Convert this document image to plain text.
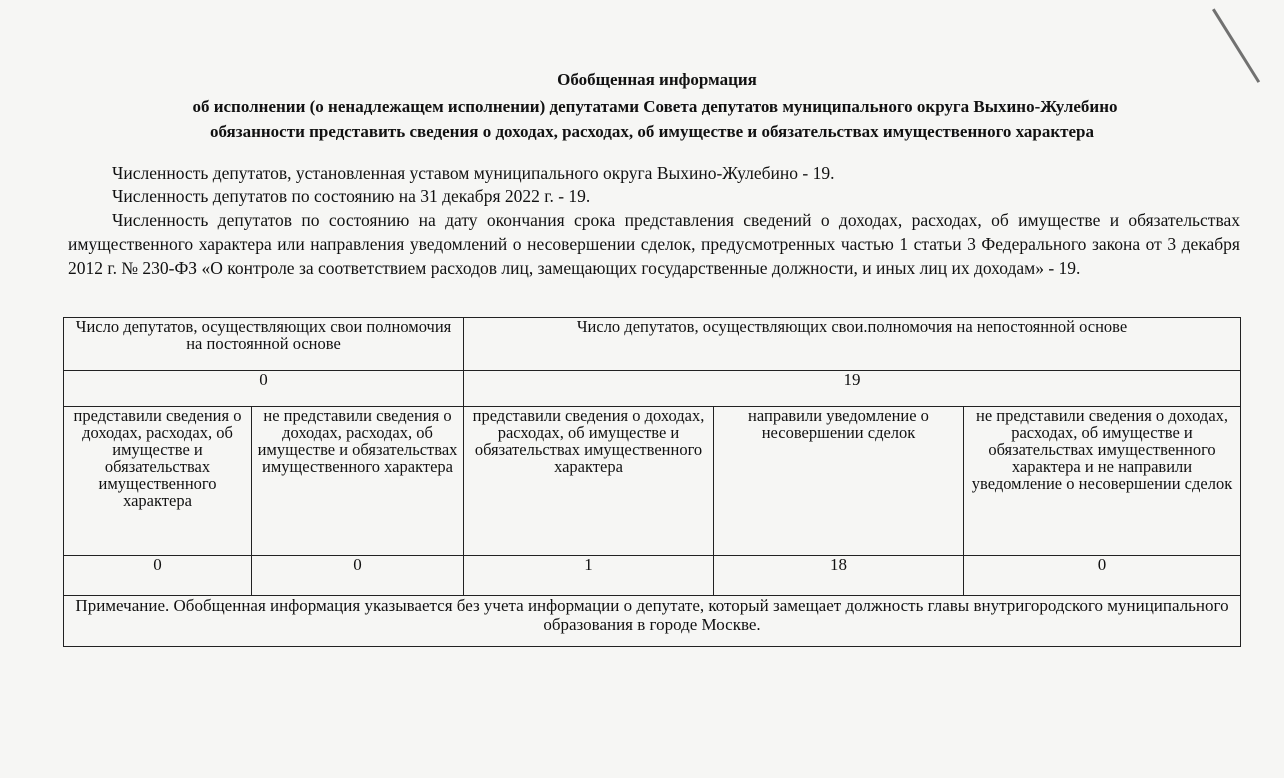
Обобщенная информация
об исполнении (о ненадлежащем исполнении) депутатами Совета депутатов муниципального округа Выхино-Жулебино
обязанности представить сведения о доходах, расходах, об имуществе и обязательствах имущественного характера
Численность депутатов, установленная уставом муниципального округа Выхино-Жулебино - 19.
Численность депутатов по состоянию на 31 декабря 2022 г. - 19.
Численность депутатов по состоянию на дату окончания срока представления сведений о доходах, расходах, об имуществе и обязательствах имущественного характера или направления уведомлений о несовершении сделок, предусмотренных частью 1 статьи 3 Федерального закона от 3 декабря 2012 г. № 230-ФЗ «О контроле за соответствием расходов лиц, замещающих государственные должности, и иных лиц их доходам» - 19.
Число депутатов, осуществляющих свои полномочия на постоянной основе		Число депутатов, осуществляющих свои.полномочия на непостоянной основе		
0		19		
представили сведения о доходах, расходах, об имуществе и обязательствах имущественного характера	не представили сведения о доходах, расходах, об имуществе и обязательствах имущественного характера	представили сведения о доходах, расходах, об имуществе и обязательствах имущественного характера	направили уведомление о несовершении сделок	не представили сведения о доходах, расходах, об имуществе и обязательствах имущественного характера и не направили уведомление о несовершении сделок
0	0	1	18	0
Примечание. Обобщенная информация указывается без учета информации о депутате, который замещает должность главы внутригородского муниципального образования в городе Москве.				
